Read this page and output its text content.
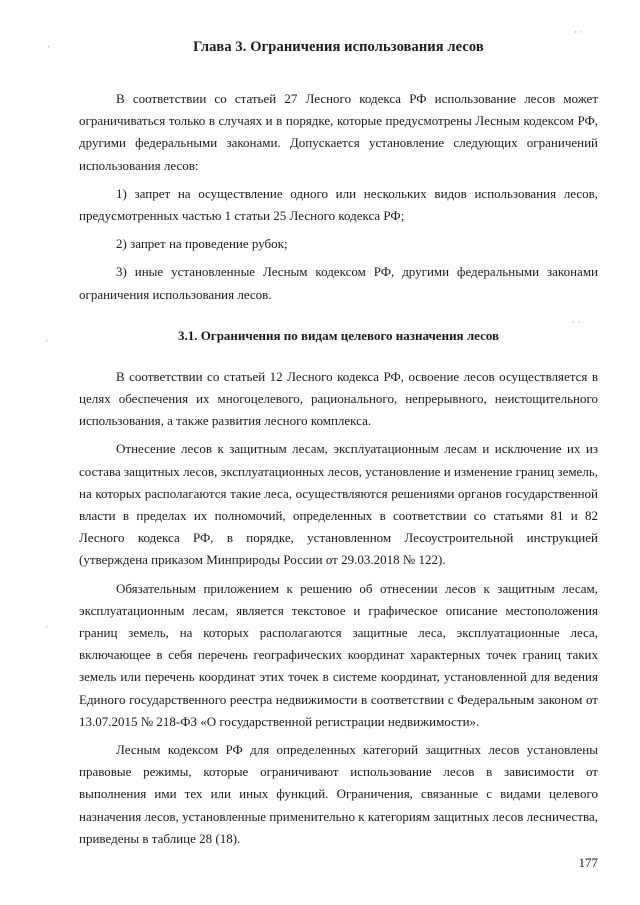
· ·
ˊ
· ·
ˊ
ˊ
Глава 3. Ограничения использования лесов

В соответствии со статьей 27 Лесного кодекса РФ использование лесов может ограничиваться только в случаях и в порядке, которые предусмотрены Лесным кодексом РФ, другими федеральными законами. Допускается установление следующих ограничений использования лесов:

1) запрет на осуществление одного или нескольких видов использования лесов, предусмотренных частью 1 статьи 25 Лесного кодекса РФ;

2) запрет на проведение рубок;

3) иные установленные Лесным кодексом РФ, другими федеральными законами ограничения использования лесов.

3.1. Ограничения по видам целевого назначения лесов

В соответствии со статьей 12 Лесного кодекса РФ, освоение лесов осуществляется в целях обеспечения их многоцелевого, рационального, непрерывного, неистощительного использования, а также развития лесного комплекса.

Отнесение лесов к защитным лесам, эксплуатационным лесам и исключение их из состава защитных лесов, эксплуатационных лесов, установление и изменение границ земель, на которых располагаются такие леса, осуществляются решениями органов государственной власти в пределах их полномочий, определенных в соответствии со статьями 81 и 82 Лесного кодекса РФ, в порядке, установленном Лесоустроительной инструкцией (утверждена приказом Минприроды России от 29.03.2018 № 122).

Обязательным приложением к решению об отнесении лесов к защитным лесам, эксплуатационным лесам, является текстовое и графическое описание местоположения границ земель, на которых располагаются защитные леса, эксплуатационные леса, включающее в себя перечень географических координат характерных точек границ таких земель или перечень координат этих точек в системе координат, установленной для ведения Единого государственного реестра недвижимости в соответствии с Федеральным законом от 13.07.2015 № 218-ФЗ «О государственной регистрации недвижимости».

Лесным кодексом РФ для определенных категорий защитных лесов установлены правовые режимы, которые ограничивают использование лесов в зависимости от выполнения ими тех или иных функций. Ограничения, связанные с видами целевого назначения лесов, установленные применительно к категориям защитных лесов лесничества, приведены в таблице 28 (18).

177
